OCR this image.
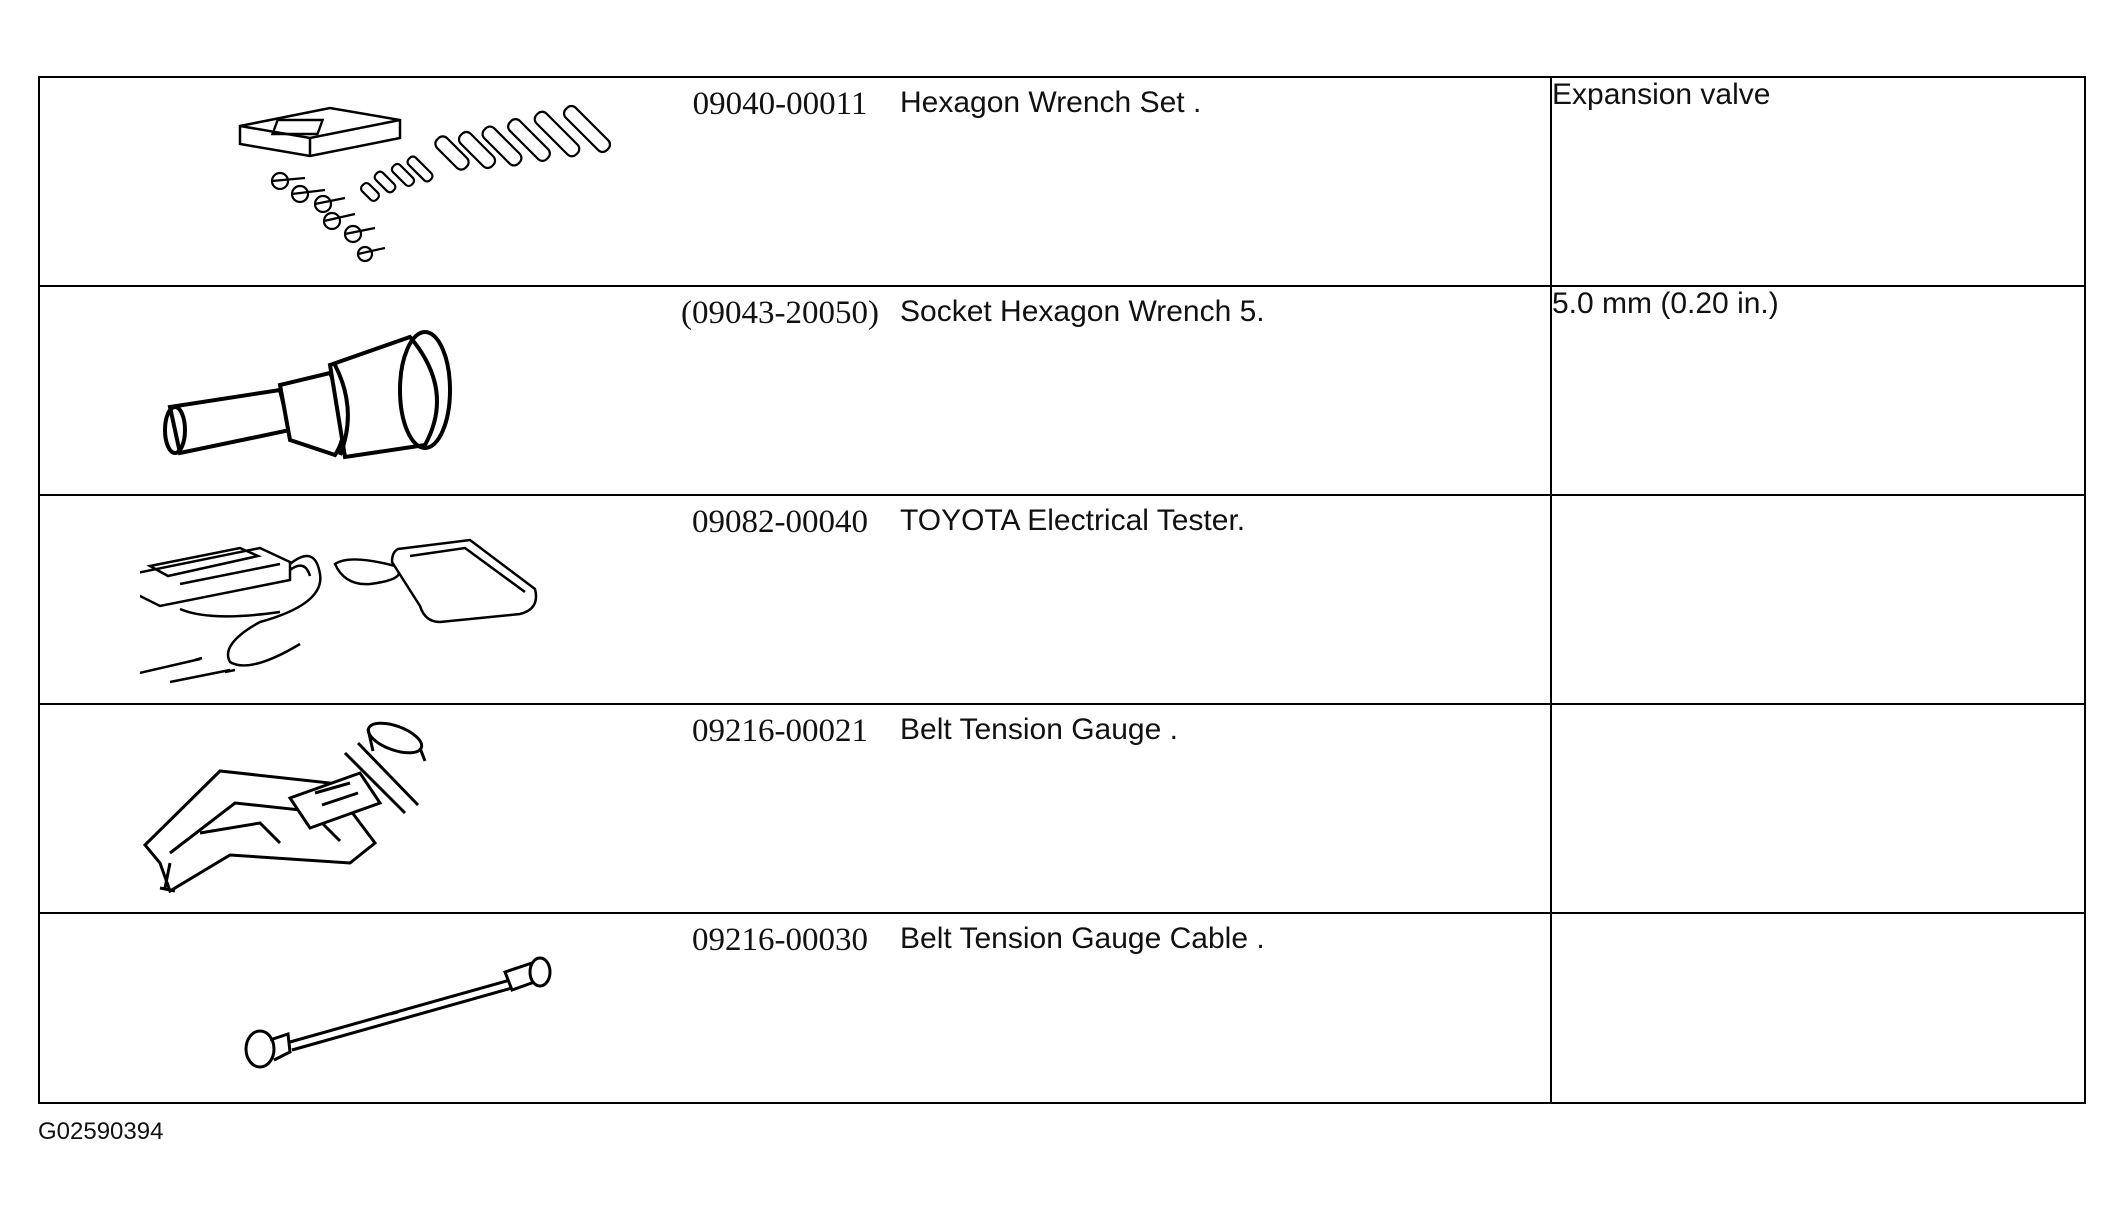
09040-00011 Hexagon Wrench Set .	Expansion valve

(09043-20050) Socket Hexagon Wrench 5.	5.0 mm (0.20 in.)

09082-00040 TOYOTA Electrical Tester.	

09216-00021 Belt Tension Gauge .	

09216-00030 Belt Tension Gauge Cable .	

G02590394
